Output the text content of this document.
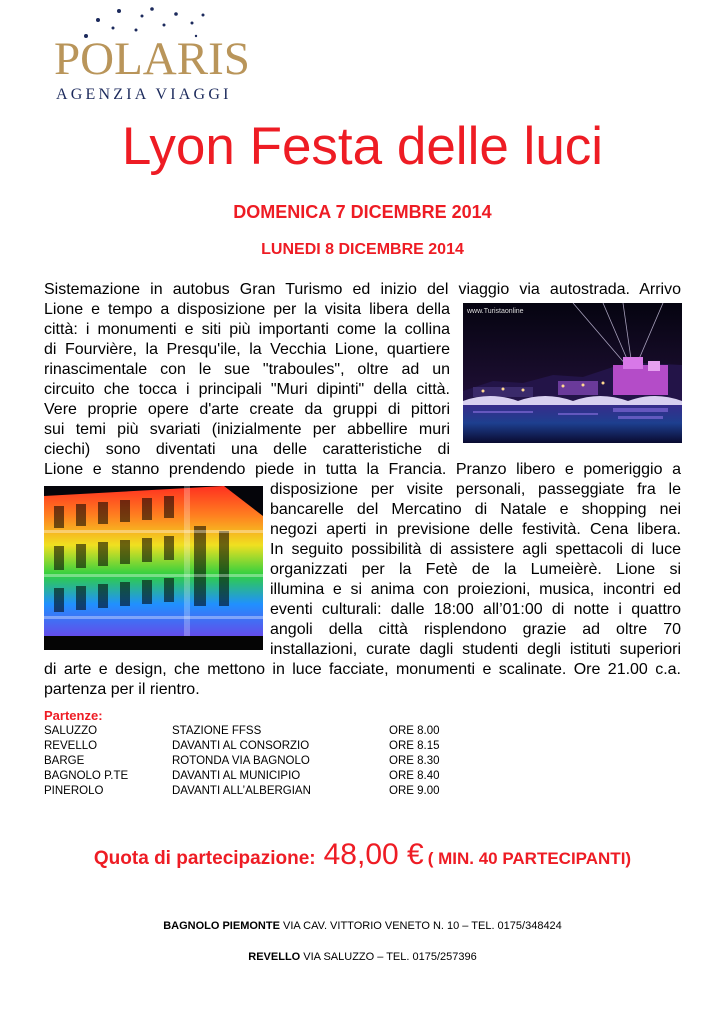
POLARIS
AGENZIA VIAGGI
Lyon Festa delle luci
DOMENICA 7 DICEMBRE 2014
LUNEDI 8 DICEMBRE 2014
Sistemazione in autobus Gran Turismo ed inizio del viaggio via autostrada. Arrivo
Lione e tempo a disposizione per la visita libera della
città: i monumenti e siti più importanti come la collina
di Fourvière, la Presqu'ile, la Vecchia Lione, quartiere
rinascimentale con le sue "traboules", oltre ad un
circuito che tocca i principali "Muri dipinti" della città.
Vere proprie opere d'arte create da gruppi di pittori
sui temi più svariati (inizialmente per abbellire muri
ciechi) sono diventati una delle caratteristiche di
Lione e stanno prendendo piede in tutta la Francia. Pranzo libero e pomeriggio a
disposizione per visite personali, passeggiate fra le
bancarelle del Mercatino di Natale e shopping nei
negozi aperti in previsione delle festività. Cena libera.
In seguito possibilità di assistere agli spettacoli di luce
organizzati per la Fetè de la Lumeièrè. Lione si
illumina e si anima con proiezioni, musica, incontri ed
eventi culturali: dalle 18:00 all’01:00 di notte i quattro
angoli della città risplendono grazie ad oltre 70
installazioni, curate dagli studenti degli istituti superiori
di arte e design, che mettono in luce facciate, monumenti e scalinate. Ore 21.00 c.a.
partenza per il rientro.
www.Turistaonline
Partenze:
SALUZZO	STAZIONE FFSS	ORE 8.00
REVELLO	DAVANTI AL CONSORZIO	ORE 8.15
BARGE	ROTONDA VIA BAGNOLO	ORE 8.30
BAGNOLO P.TE	DAVANTI AL MUNICIPIO	ORE 8.40
PINEROLO	DAVANTI ALL’ALBERGIAN	ORE 9.00
Quota di partecipazione: 48,00 € ( MIN. 40 PARTECIPANTI)
BAGNOLO PIEMONTE VIA CAV. VITTORIO VENETO N. 10 – TEL. 0175/348424
REVELLO VIA SALUZZO – TEL. 0175/257396
